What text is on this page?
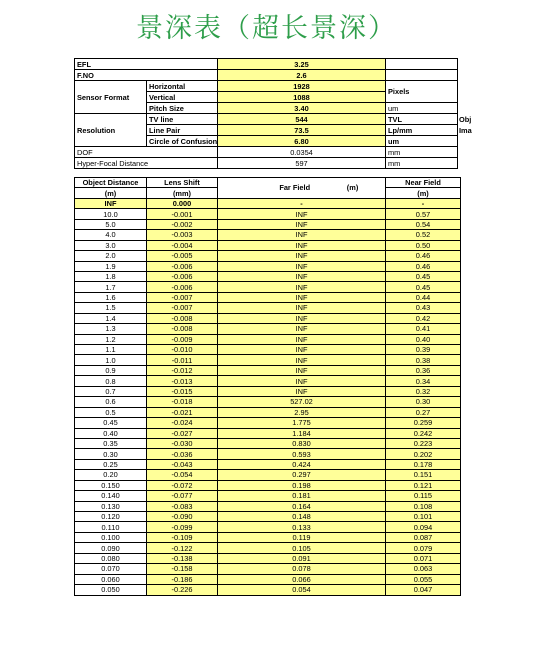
景深表（超长景深）
EFL		3.25		
F.NO		2.6		
Sensor Format	Horizontal	1928	Pixels	
	Vertical	1088		
	Pitch Size	3.40	um	
Resolution	TV line	544	TVL	Obj
	Line Pair	73.5	Lp/mm	Ima
	Circle of Confusion	6.80	um	
DOF		0.0354	mm	
Hyper-Focal Distance		597	mm	
Object Distance	Lens Shift	Far Field (m)	Near Field
(m)	(mm)		(m)
INF	0.000	-	-
10.0	-0.001	INF	0.57
5.0	-0.002	INF	0.54
4.0	-0.003	INF	0.52
3.0	-0.004	INF	0.50
2.0	-0.005	INF	0.46
1.9	-0.006	INF	0.46
1.8	-0.006	INF	0.45
1.7	-0.006	INF	0.45
1.6	-0.007	INF	0.44
1.5	-0.007	INF	0.43
1.4	-0.008	INF	0.42
1.3	-0.008	INF	0.41
1.2	-0.009	INF	0.40
1.1	-0.010	INF	0.39
1.0	-0.011	INF	0.38
0.9	-0.012	INF	0.36
0.8	-0.013	INF	0.34
0.7	-0.015	INF	0.32
0.6	-0.018	527.02	0.30
0.5	-0.021	2.95	0.27
0.45	-0.024	1.775	0.259
0.40	-0.027	1.184	0.242
0.35	-0.030	0.830	0.223
0.30	-0.036	0.593	0.202
0.25	-0.043	0.424	0.178
0.20	-0.054	0.297	0.151
0.150	-0.072	0.198	0.121
0.140	-0.077	0.181	0.115
0.130	-0.083	0.164	0.108
0.120	-0.090	0.148	0.101
0.110	-0.099	0.133	0.094
0.100	-0.109	0.119	0.087
0.090	-0.122	0.105	0.079
0.080	-0.138	0.091	0.071
0.070	-0.158	0.078	0.063
0.060	-0.186	0.066	0.055
0.050	-0.226	0.054	0.047
